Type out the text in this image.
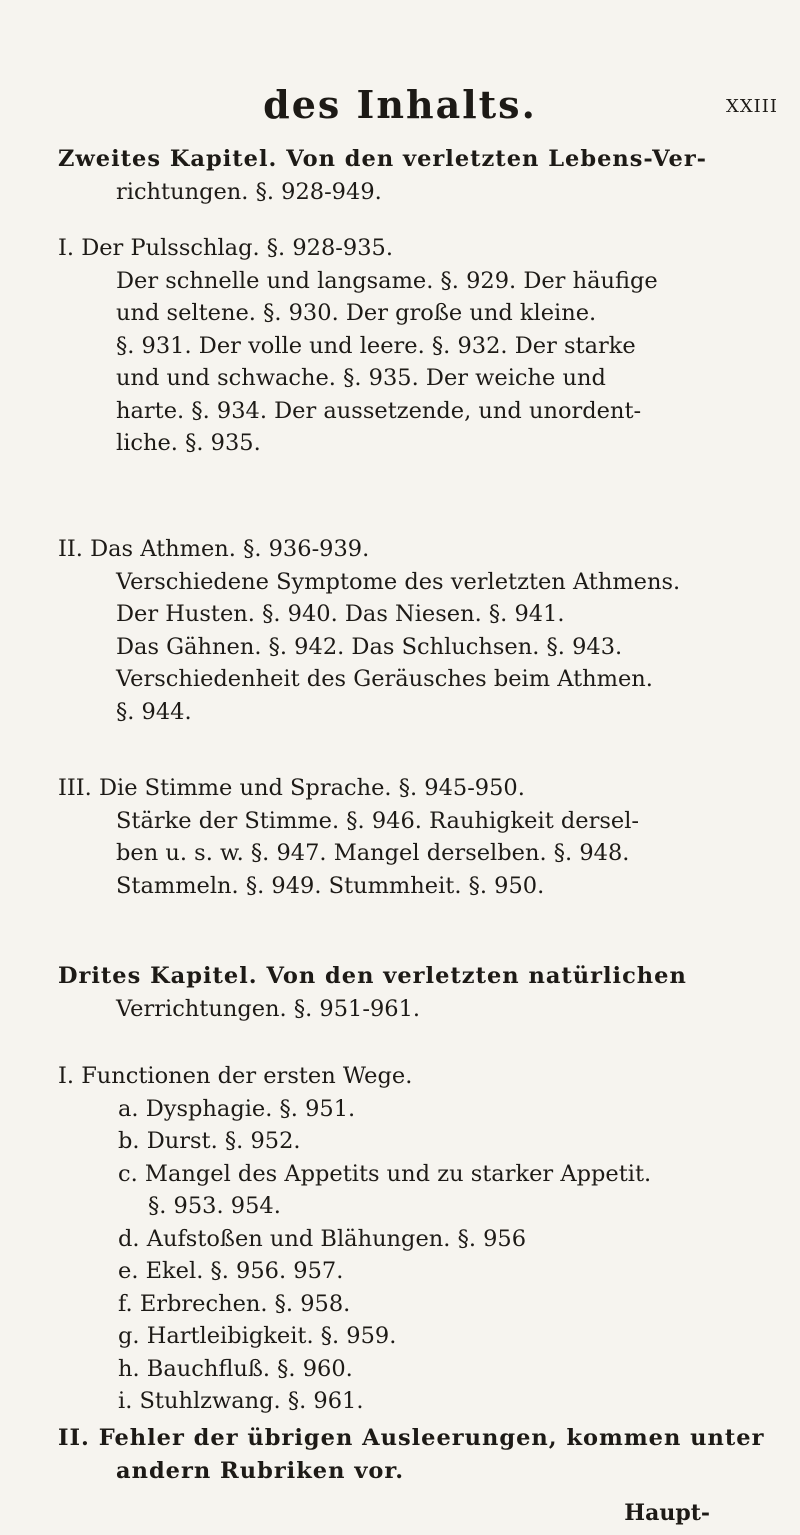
des Inhalts.	XXIII
Zweites Kapitel. Von den verletzten Lebens-Ver-
richtungen. §. 928-949.
I. Der Pulsschlag. §. 928-935.
Der schnelle und langsame. §. 929. Der häufige
und seltene. §. 930. Der große und kleine.
§. 931. Der volle und leere. §. 932. Der starke
und und schwache. §. 935. Der weiche und
harte. §. 934. Der aussetzende, und unordent-
liche. §. 935.
II. Das Athmen. §. 936-939.
Verschiedene Symptome des verletzten Athmens.
Der Husten. §. 940. Das Niesen. §. 941.
Das Gähnen. §. 942. Das Schluchsen. §. 943.
Verschiedenheit des Geräusches beim Athmen.
§. 944.
III. Die Stimme und Sprache. §. 945-950.
Stärke der Stimme. §. 946. Rauhigkeit dersel-
ben u. s. w. §. 947. Mangel derselben. §. 948.
Stammeln. §. 949. Stummheit. §. 950.
Drites Kapitel. Von den verletzten natürlichen
Verrichtungen. §. 951-961.
I. Functionen der ersten Wege.
a. Dysphagie. §. 951.
b. Durst. §. 952.
c. Mangel des Appetits und zu starker Appetit.
§. 953. 954.
d. Aufstoßen und Blähungen. §. 956
e. Ekel. §. 956. 957.
f. Erbrechen. §. 958.
g. Hartleibigkeit. §. 959.
h. Bauchfluß. §. 960.
i. Stuhlzwang. §. 961.
II. Fehler der übrigen Ausleerungen, kommen unter
andern Rubriken vor.
Haupt-
